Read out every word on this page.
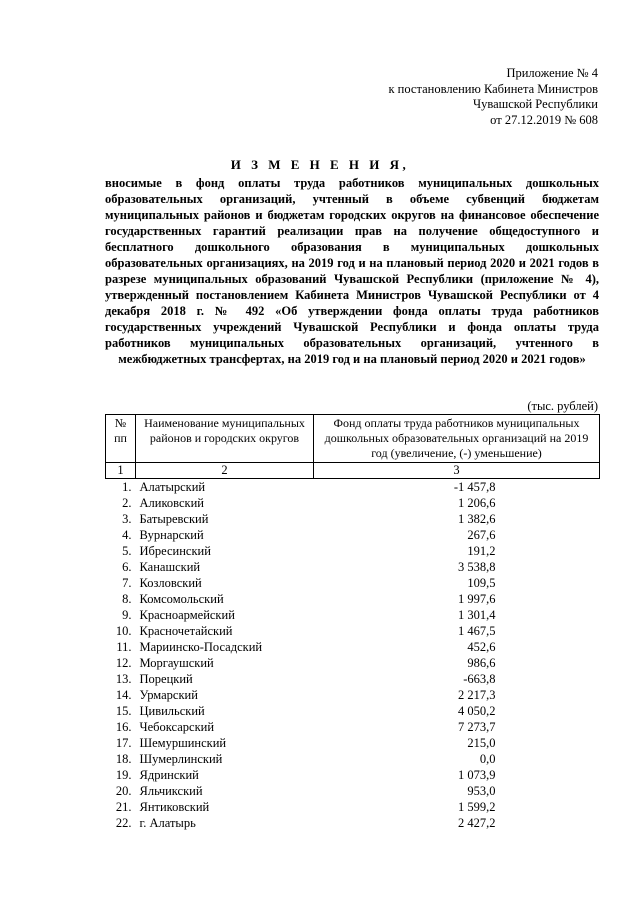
Приложение № 4
к постановлению Кабинета Министров
Чувашской Республики
от 27.12.2019 № 608
И З М Е Н Е Н И Я,
вносимые в фонд оплаты труда работников муниципальных дошкольных образовательных организаций, учтенный в объеме субвенций бюджетам муниципальных районов и бюджетам городских округов на финансовое обеспечение государственных гарантий реализации прав на получение общедоступного и бесплатного дошкольного образования в муниципальных дошкольных образовательных организациях, на 2019 год и на плановый период 2020 и 2021 годов в разрезе муниципальных образований Чувашской Республики (приложение № 4), утвержденный постановлением Кабинета Министров Чувашской Республики от 4 декабря 2018 г. № 492 «Об утверждении фонда оплаты труда работников государственных учреждений Чувашской Республики и фонда оплаты труда работников муниципальных образовательных организаций, учтенного в межбюджетных трансфертах, на 2019 год и на плановый период 2020 и 2021 годов»
(тыс. рублей)
№ пп	Наименование муниципальных районов и городских округов	Фонд оплаты труда работников муниципальных дошкольных образовательных организаций на 2019 год (увеличение, (-) уменьшение)
1	2	3
1.	Алатырский	-1 457,8
2.	Аликовский	1 206,6
3.	Батыревский	1 382,6
4.	Вурнарский	267,6
5.	Ибресинский	191,2
6.	Канашский	3 538,8
7.	Козловский	109,5
8.	Комсомольский	1 997,6
9.	Красноармейский	1 301,4
10.	Красночетайский	1 467,5
11.	Мариинско-Посадский	452,6
12.	Моргаушский	986,6
13.	Порецкий	-663,8
14.	Урмарский	2 217,3
15.	Цивильский	4 050,2
16.	Чебоксарский	7 273,7
17.	Шемуршинский	215,0
18.	Шумерлинский	0,0
19.	Ядринский	1 073,9
20.	Яльчикский	953,0
21.	Янтиковский	1 599,2
22.	г. Алатырь	2 427,2
